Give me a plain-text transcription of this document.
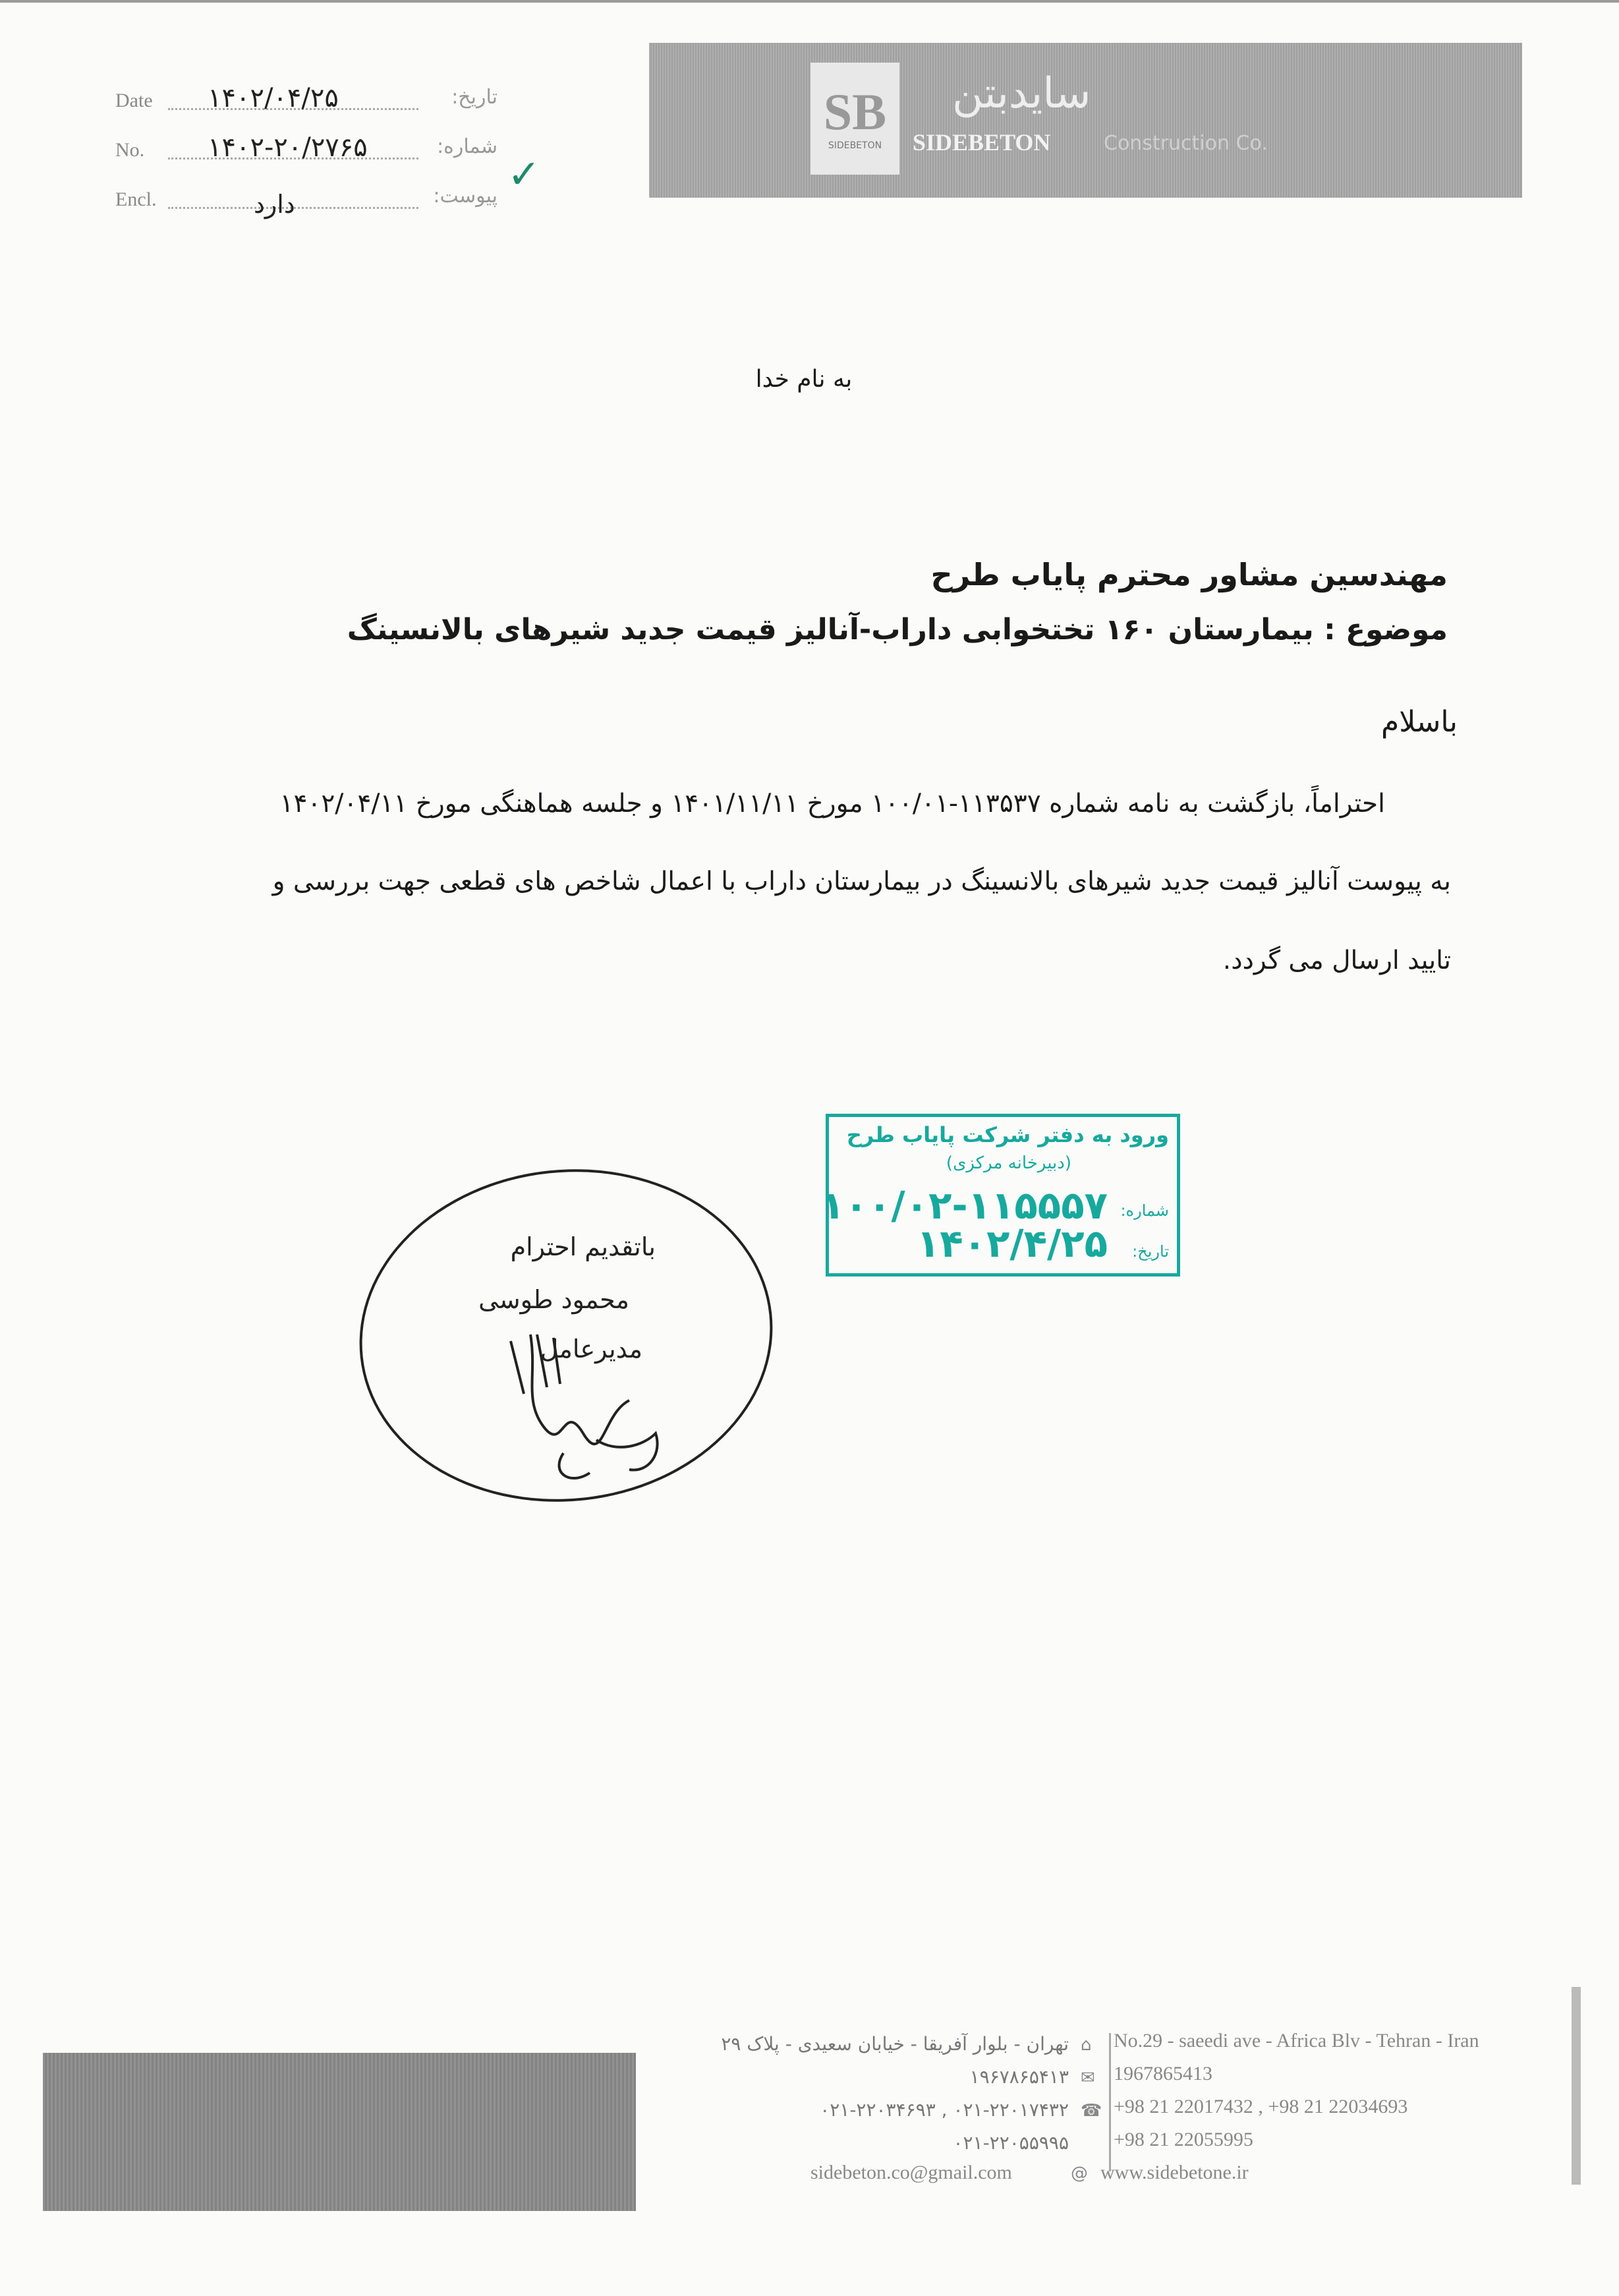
Date ۱۴۰۲/۰۴/۲۵	تاریخ:
No. ۱۴۰۲-۲۰/۲۷۶۵	شماره:
Encl.	دارد	پیوست: ✓
SB
SIDEBETON
سایدبتن
SIDEBETON	Construction Co.
به نام خدا
مهندسین مشاور محترم پایاب طرح
موضوع : بیمارستان ۱۶۰ تختخوابی داراب-آنالیز قیمت جدید شیرهای بالانسینگ
باسلام
احتراماً، بازگشت به نامه شماره ۱۱۳۵۳۷-۱۰۰/۰۱ مورخ ۱۴۰۱/۱۱/۱۱ و جلسه هماهنگی مورخ ۱۴۰۲/۰۴/۱۱
به پیوست آنالیز قیمت جدید شیرهای بالانسینگ در بیمارستان داراب با اعمال شاخص های قطعی جهت بررسی و
تایید ارسال می گردد.
ورود به دفتر شرکت پایاب طرح
(دبیرخانه مرکزی)
شماره:
۱۰۰/۰۲-۱۱۵۵۵۷
تاریخ:
۱۴۰۲/۴/۲۵
باتقدیم احترام
محمود طوسی
مدیرعامل
تهران - بلوار آفریقا - خیابان سعیدی - پلاک ۲۹ ⌂ No.29 - saeedi ave - Africa Blv - Tehran - Iran
۱۹۶۷۸۶۵۴۱۳ ✉ 1967865413
۰۲۱-۲۲۰۱۷۴۳۲ , ۰۲۱-۲۲۰۳۴۶۹۳ ☎ +98 21 22017432 , +98 21 22034693
۰۲۱-۲۲۰۵۵۹۹۵ +98 21 22055995
sidebeton.co@gmail.com	@ www.sidebetone.ir
